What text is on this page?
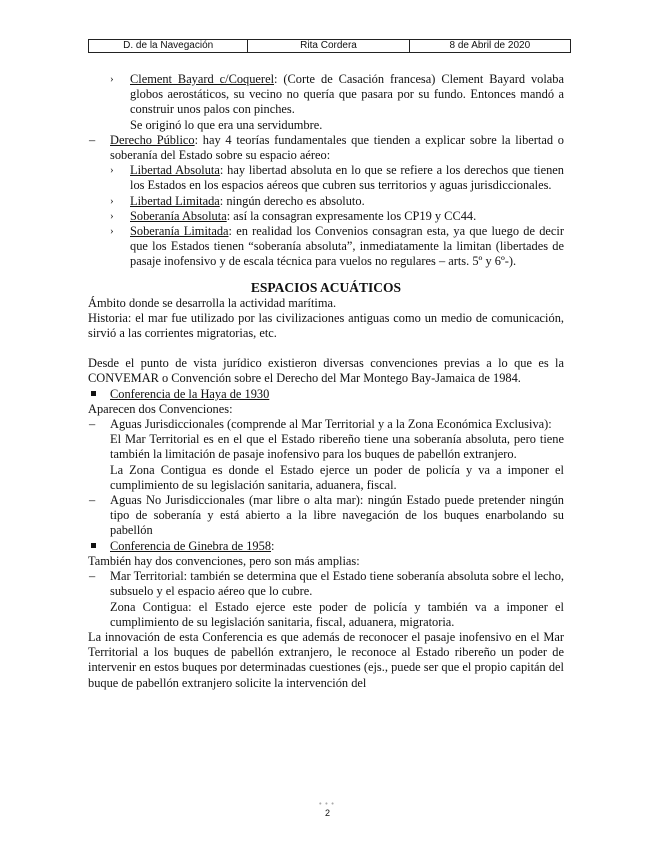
D. de la Navegación	Rita Cordera	8 de Abril de 2020
› Clement Bayard c/Coquerel: (Corte de Casación francesa) Clement Bayard volaba globos aerostáticos, su vecino no quería que pasara por su fundo. Entonces mandó a construir unos palos con pinches.
Se originó lo que era una servidumbre.
– Derecho Público: hay 4 teorías fundamentales que tienden a explicar sobre la libertad o soberanía del Estado sobre su espacio aéreo:
› Libertad Absoluta: hay libertad absoluta en lo que se refiere a los derechos que tienen los Estados en los espacios aéreos que cubren sus territorios y aguas jurisdiccionales.
› Libertad Limitada: ningún derecho es absoluto.
› Soberanía Absoluta: así la consagran expresamente los CP19 y CC44.
› Soberanía Limitada: en realidad los Convenios consagran esta, ya que luego de decir que los Estados tienen “soberanía absoluta”, inmediatamente la limitan (libertades de pasaje inofensivo y de escala técnica para vuelos no regulares – arts. 5º y 6º-).
ESPACIOS ACUÁTICOS
Ámbito donde se desarrolla la actividad marítima.
Historia: el mar fue utilizado por las civilizaciones antiguas como un medio de comunicación, sirvió a las corrientes migratorias, etc.
Desde el punto de vista jurídico existieron diversas convenciones previas a lo que es la CONVEMAR o Convención sobre el Derecho del Mar Montego Bay-Jamaica de 1984.
Conferencia de la Haya de 1930
Aparecen dos Convenciones:
– Aguas Jurisdiccionales (comprende al Mar Territorial y a la Zona Económica Exclusiva):
El Mar Territorial es en el que el Estado ribereño tiene una soberanía absoluta, pero tiene también la limitación de pasaje inofensivo para los buques de pabellón extranjero.
La Zona Contigua es donde el Estado ejerce un poder de policía y va a imponer el cumplimiento de su legislación sanitaria, aduanera, fiscal.
– Aguas No Jurisdiccionales (mar libre o alta mar): ningún Estado puede pretender ningún tipo de soberanía y está abierto a la libre navegación de los buques enarbolando su pabellón
Conferencia de Ginebra de 1958:
También hay dos convenciones, pero son más amplias:
– Mar Territorial: también se determina que el Estado tiene soberanía absoluta sobre el lecho, subsuelo y el espacio aéreo que lo cubre.
Zona Contigua: el Estado ejerce este poder de policía y también va a imponer el cumplimiento de su legislación sanitaria, fiscal, aduanera, migratoria.
La innovación de esta Conferencia es que además de reconocer el pasaje inofensivo en el Mar Territorial a los buques de pabellón extranjero, le reconoce al Estado ribereño un poder de intervenir en estos buques por determinadas cuestiones (ejs., puede ser que el propio capitán del buque de pabellón extranjero solicite la intervención del
•••
2
